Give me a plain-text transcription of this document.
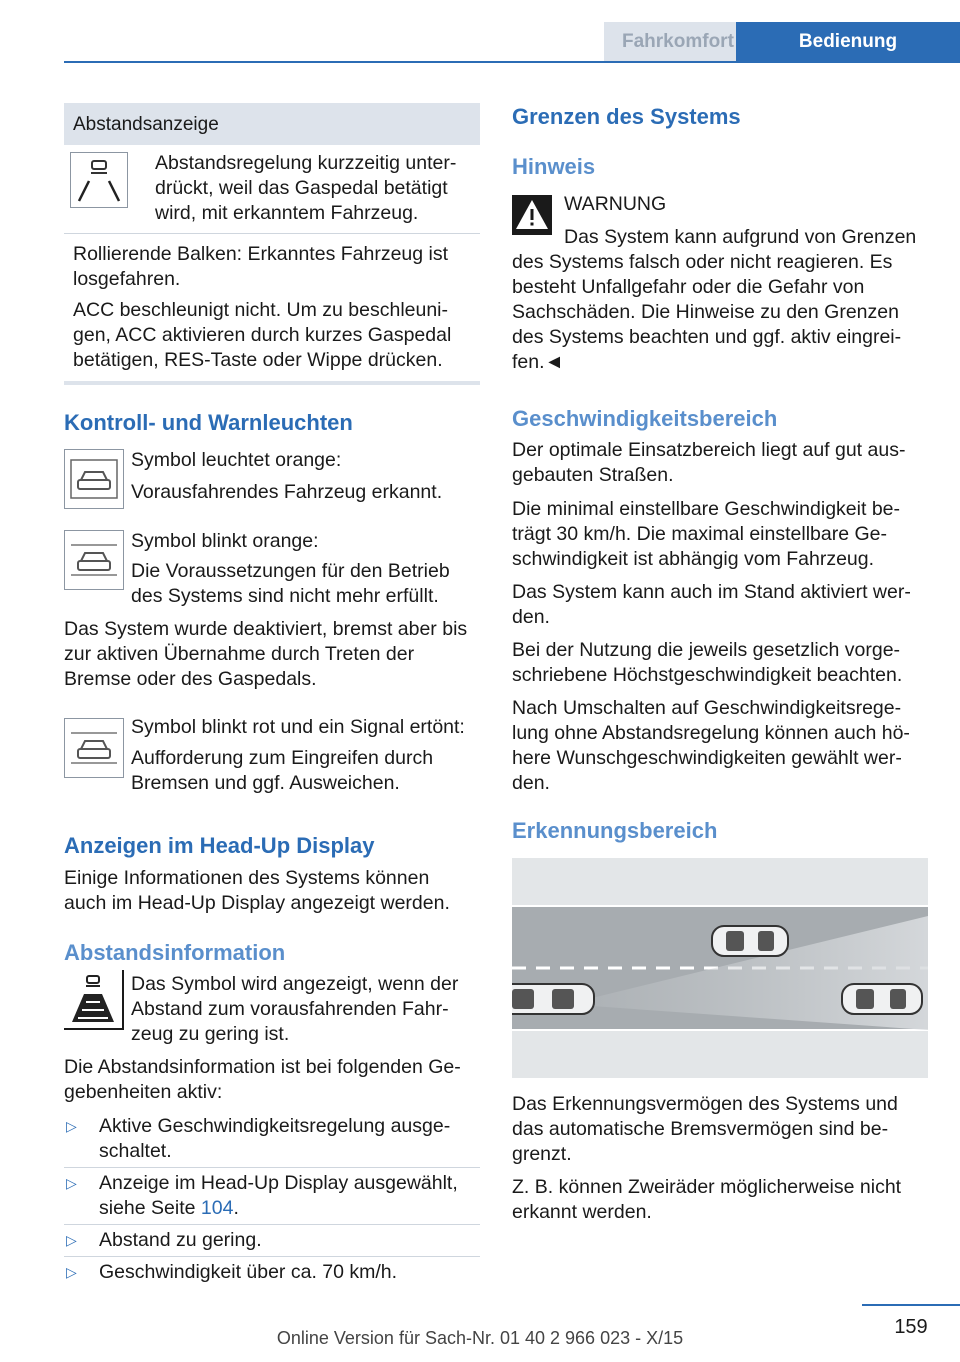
Fahrkomfort	Bedienung

Abstandsanzeige

Abstandsregelung kurzzeitig unter-
drückt, weil das Gaspedal betätigt
wird, mit erkanntem Fahrzeug.

Rollierende Balken: Erkanntes Fahrzeug ist
losgefahren.

ACC beschleunigt nicht. Um zu beschleuni-
gen, ACC aktivieren durch kurzes Gaspedal
betätigen, RES-Taste oder Wippe drücken.

Kontroll- und Warnleuchten

Symbol leuchtet orange:

Vorausfahrendes Fahrzeug erkannt.

Symbol blinkt orange:

Die Voraussetzungen für den Betrieb
des Systems sind nicht mehr erfüllt.

Das System wurde deaktiviert, bremst aber bis
zur aktiven Übernahme durch Treten der
Bremse oder des Gaspedals.

Symbol blinkt rot und ein Signal ertönt:

Aufforderung zum Eingreifen durch
Bremsen und ggf. Ausweichen.

Anzeigen im Head-Up Display

Einige Informationen des Systems können
auch im Head-Up Display angezeigt werden.

Abstandsinformation

Das Symbol wird angezeigt, wenn der
Abstand zum vorausfahrenden Fahr-
zeug zu gering ist.

Die Abstandsinformation ist bei folgenden Ge-
gebenheiten aktiv:

▷ Aktive Geschwindigkeitsregelung ausge-
schaltet.

▷ Anzeige im Head-Up Display ausgewählt,
siehe Seite 104.

▷ Abstand zu gering.

▷ Geschwindigkeit über ca. 70 km/h.

Grenzen des Systems
Hinweis

WARNUNG

Das System kann aufgrund von Grenzen

des Systems falsch oder nicht reagieren. Es
besteht Unfallgefahr oder die Gefahr von
Sachschäden. Die Hinweise zu den Grenzen
des Systems beachten und ggf. aktiv eingrei-
fen.◄

Geschwindigkeitsbereich

Der optimale Einsatzbereich liegt auf gut aus-
gebauten Straßen.

Die minimal einstellbare Geschwindigkeit be-
trägt 30 km/h. Die maximal einstellbare Ge-
schwindigkeit ist abhängig vom Fahrzeug.

Das System kann auch im Stand aktiviert wer-
den.

Bei der Nutzung die jeweils gesetzlich vorge-
schriebene Höchstgeschwindigkeit beachten.

Nach Umschalten auf Geschwindigkeitsrege-
lung ohne Abstandsregelung können auch hö-
here Wunschgeschwindigkeiten gewählt wer-
den.

Erkennungsbereich

Das Erkennungsvermögen des Systems und
das automatische Bremsvermögen sind be-
grenzt.

Z. B. können Zweiräder möglicherweise nicht
erkannt werden.

159
Online Version für Sach-Nr. 01 40 2 966 023 - X/15
